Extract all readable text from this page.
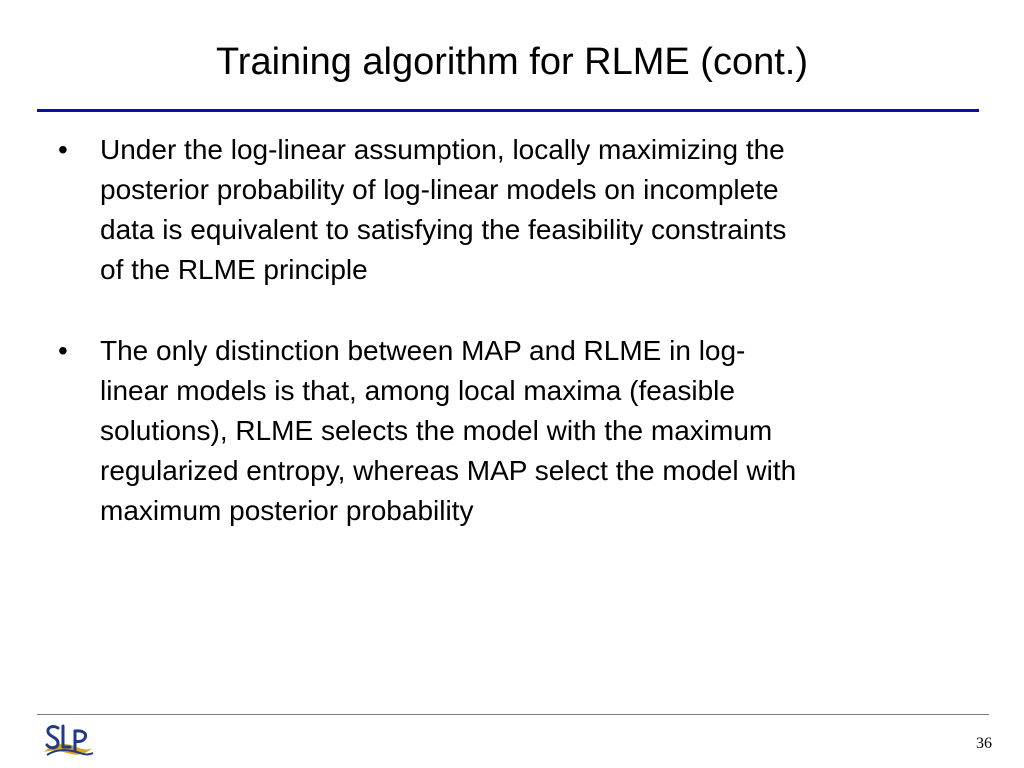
Training algorithm for RLME (cont.)
•	Under the log-linear assumption, locally maximizing the
posterior probability of log-linear models on incomplete
data is equivalent to satisfying the feasibility constraints
of the RLME principle
•	The only distinction between MAP and RLME in log-
linear models is that, among local maxima (feasible
solutions), RLME selects the model with the maximum
regularized entropy, whereas MAP select the model with
maximum posterior probability
36
